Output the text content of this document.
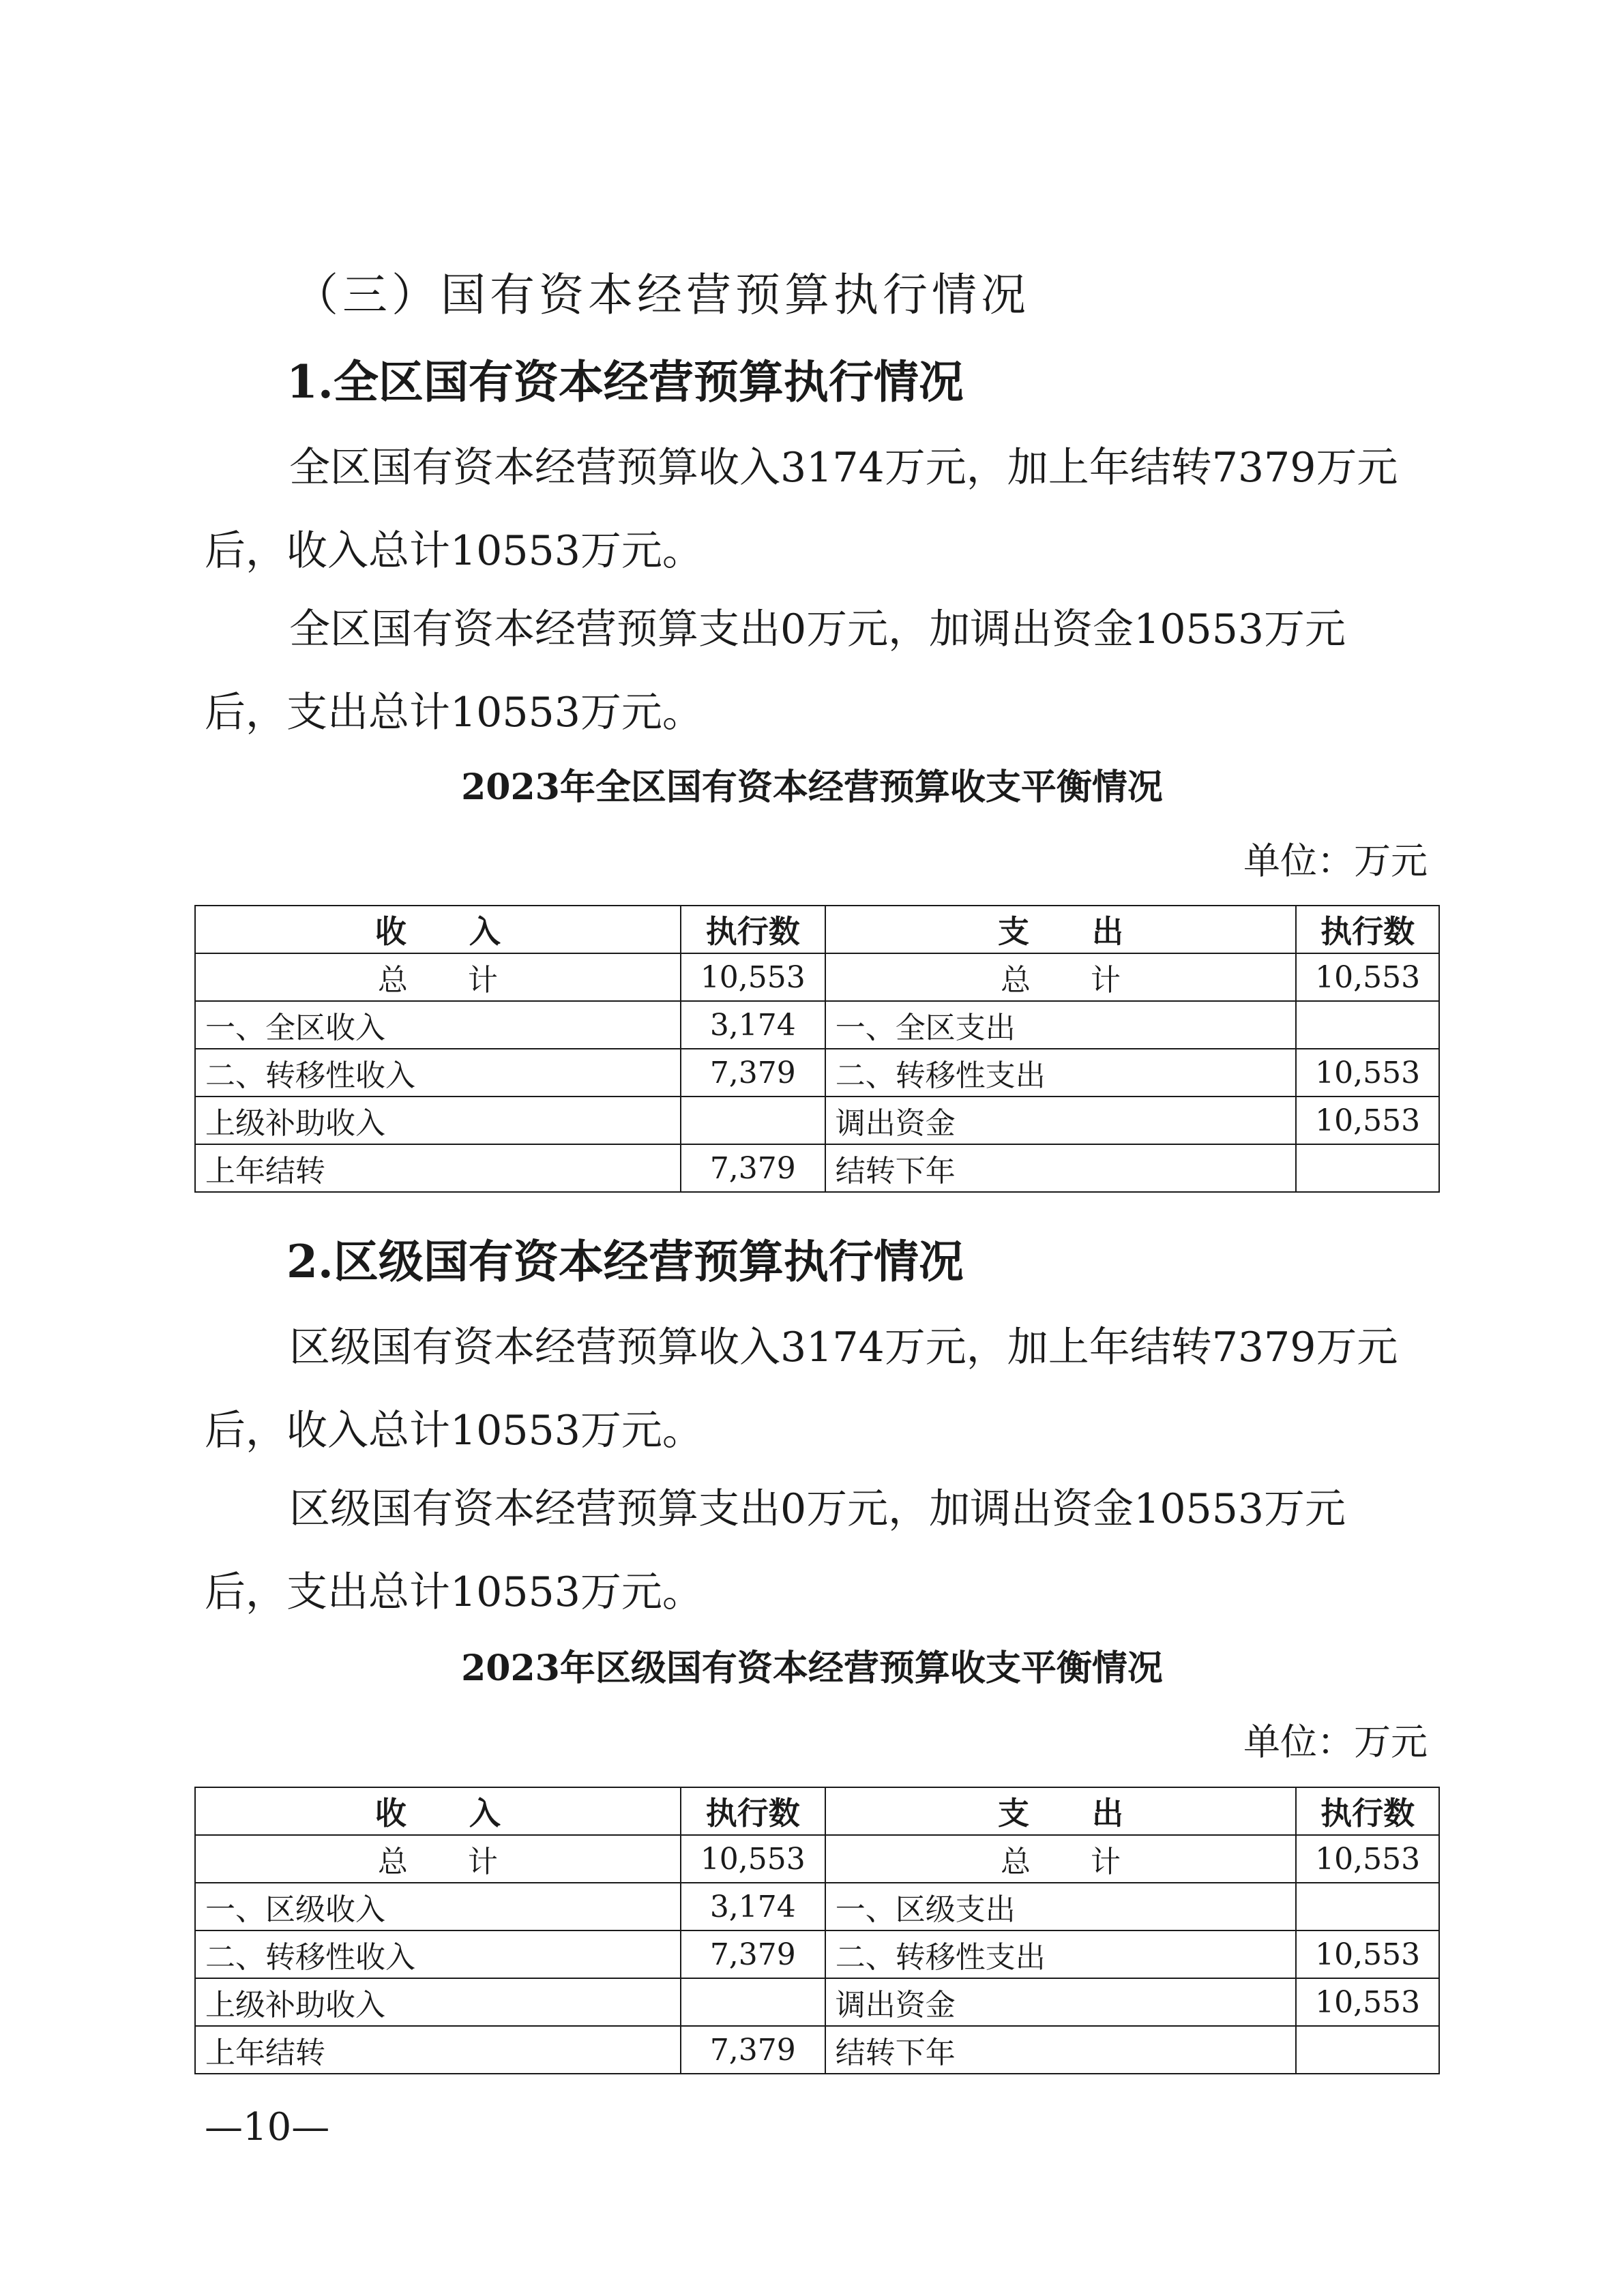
（三）国有资本经营预算执行情况
1.全区国有资本经营预算执行情况
全区国有资本经营预算收入3174万元，加上年结转7379万元
后，收入总计10553万元。
全区国有资本经营预算支出0万元，加调出资金10553万元
后，支出总计10553万元。
2023年全区国有资本经营预算收支平衡情况
单位：万元
收　　入	执行数	支　　出	执行数
总　　计	10,553	总　　计	10,553
一、全区收入	3,174	一、全区支出	
二、转移性收入	7,379	二、转移性支出	10,553
上级补助收入		调出资金	10,553
上年结转	7,379	结转下年	
2.区级国有资本经营预算执行情况
区级国有资本经营预算收入3174万元，加上年结转7379万元
后，收入总计10553万元。
区级国有资本经营预算支出0万元，加调出资金10553万元
后，支出总计10553万元。
2023年区级国有资本经营预算收支平衡情况
单位：万元
收　　入	执行数	支　　出	执行数
总　　计	10,553	总　　计	10,553
一、区级收入	3,174	一、区级支出	
二、转移性收入	7,379	二、转移性支出	10,553
上级补助收入		调出资金	10,553
上年结转	7,379	结转下年	
—10—
